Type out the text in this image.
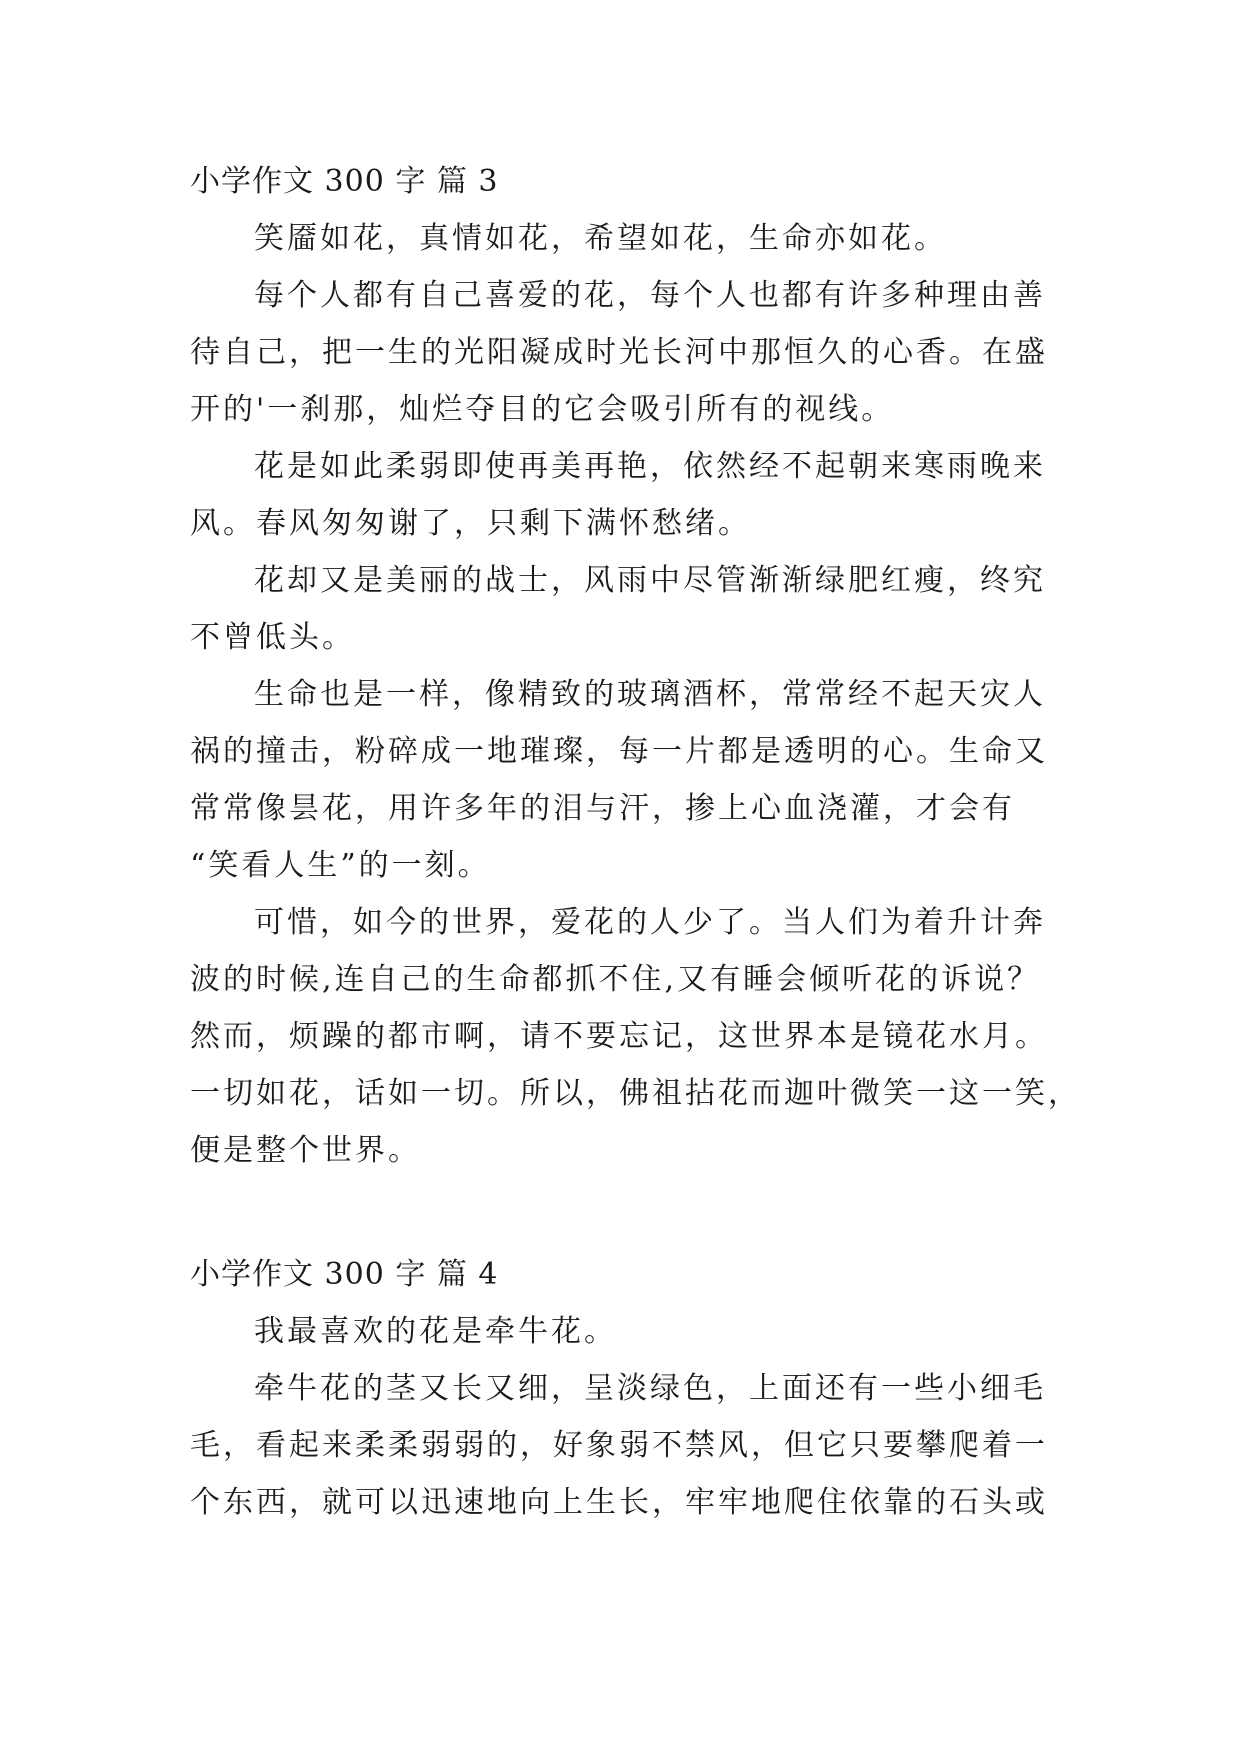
小学作文 300 字 篇 3
笑靥如花，真情如花，希望如花，生命亦如花。
每个人都有自己喜爱的花，每个人也都有许多种理由善
待自己，把一生的光阳凝成时光长河中那恒久的心香。在盛
开的'一刹那，灿烂夺目的它会吸引所有的视线。
花是如此柔弱即使再美再艳，依然经不起朝来寒雨晚来
风。春风匆匆谢了，只剩下满怀愁绪。
花却又是美丽的战士，风雨中尽管渐渐绿肥红瘦，终究
不曾低头。
生命也是一样，像精致的玻璃酒杯，常常经不起天灾人
祸的撞击，粉碎成一地璀璨，每一片都是透明的心。生命又
常常像昙花，用许多年的泪与汗，掺上心血浇灌，才会有
“笑看人生”的一刻。
可惜，如今的世界，爱花的人少了。当人们为着升计奔
波的时候,连自己的生命都抓不住,又有睡会倾听花的诉说？
然而，烦躁的都市啊，请不要忘记，这世界本是镜花水月。
一切如花，话如一切。所以，佛祖拈花而迦叶微笑一这一笑，
便是整个世界。
小学作文 300 字 篇 4
我最喜欢的花是牵牛花。
牵牛花的茎又长又细，呈淡绿色，上面还有一些小细毛
毛，看起来柔柔弱弱的，好象弱不禁风，但它只要攀爬着一
个东西，就可以迅速地向上生长，牢牢地爬住依靠的石头或
